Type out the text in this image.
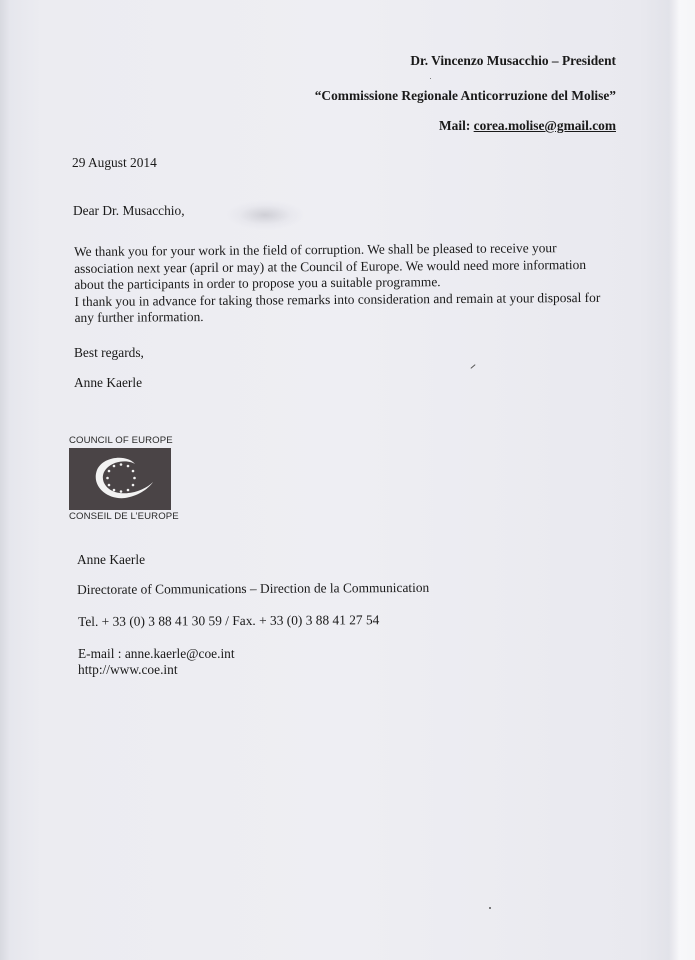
Dr. Vincenzo Musacchio – President
“Commissione Regionale Anticorruzione del Molise”
Mail: corea.molise@gmail.com
29 August 2014
Dear Dr. Musacchio,
We thank you for your work in the field of corruption. We shall be pleased to receive your
association next year (april or may) at the Council of Europe. We would need more information
about the participants in order to propose you a suitable programme.
I thank you in advance for taking those remarks into consideration and remain at your disposal for
any further information.
Best regards,
Anne Kaerle
COUNCIL OF EUROPE
CONSEIL DE L’EUROPE
Anne Kaerle
Directorate of Communications – Direction de la Communication
Tel. + 33 (0) 3 88 41 30 59 / Fax. + 33 (0) 3 88 41 27 54
E-mail : anne.kaerle@coe.int
http://www.coe.int
